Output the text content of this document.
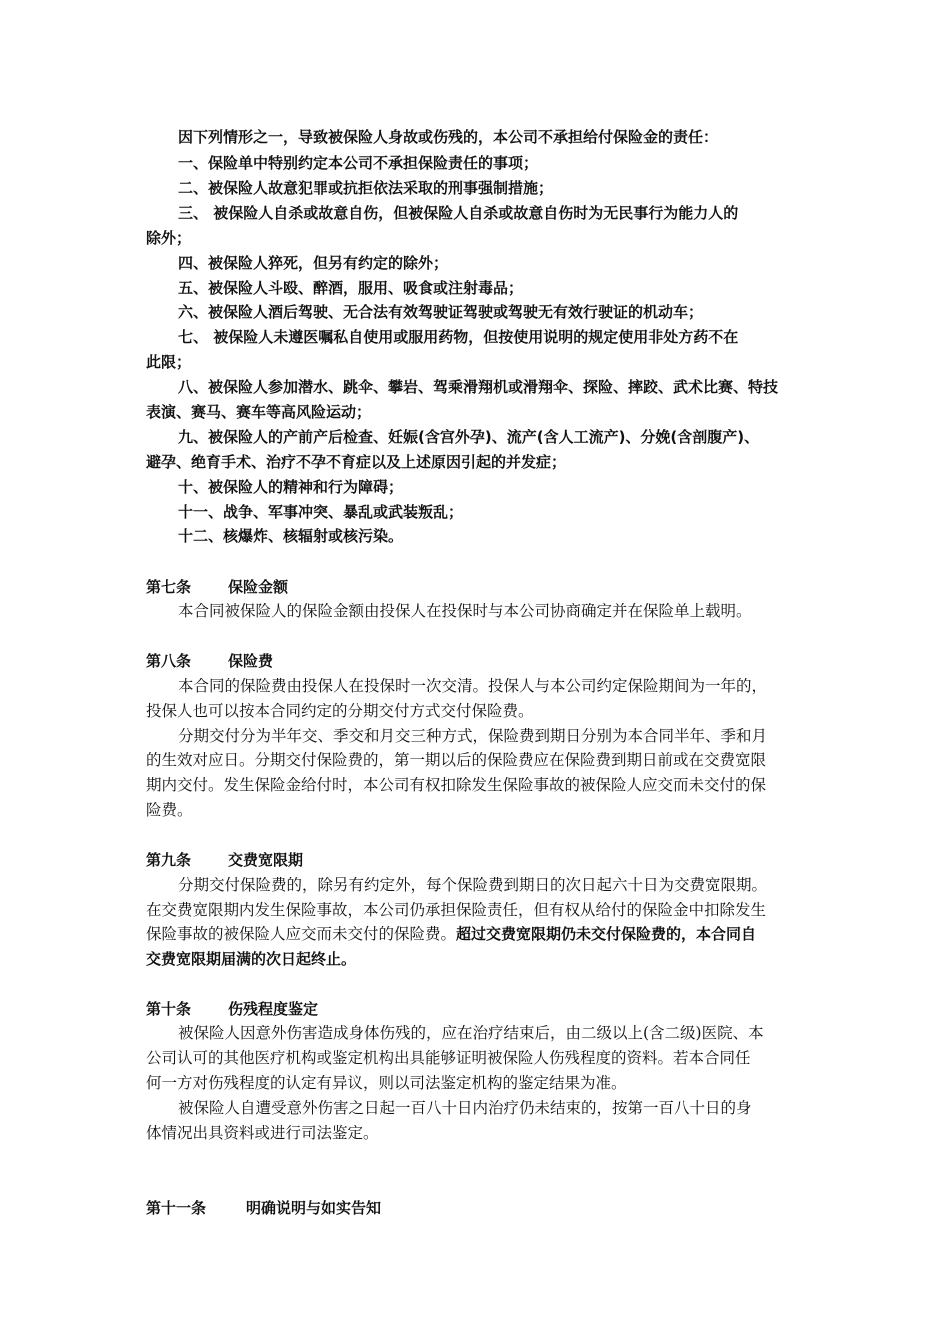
因下列情形之一，导致被保险人身故或伤残的，本公司不承担给付保险金的责任：
一、保险单中特别约定本公司不承担保险责任的事项；
二、被保险人故意犯罪或抗拒依法采取的刑事强制措施；
三、 被保险人自杀或故意自伤，但被保险人自杀或故意自伤时为无民事行为能力人的
除外；
四、被保险人猝死，但另有约定的除外；
五、被保险人斗殴、醉酒，服用、吸食或注射毒品；
六、被保险人酒后驾驶、无合法有效驾驶证驾驶或驾驶无有效行驶证的机动车；
七、 被保险人未遵医嘱私自使用或服用药物，但按使用说明的规定使用非处方药不在
此限；
八、被保险人参加潜水、跳伞、攀岩、驾乘滑翔机或滑翔伞、探险、摔跤、武术比赛、特技
表演、赛马、赛车等高风险运动；
九、被保险人的产前产后检查、妊娠(含宫外孕)、流产(含人工流产)、分娩(含剖腹产)、
避孕、绝育手术、治疗不孕不育症以及上述原因引起的并发症；
十、被保险人的精神和行为障碍；
十一、战争、军事冲突、暴乱或武装叛乱；
十二、核爆炸、核辐射或核污染。
第七条 保险金额
本合同被保险人的保险金额由投保人在投保时与本公司协商确定并在保险单上载明。
第八条 保险费
本合同的保险费由投保人在投保时一次交清。投保人与本公司约定保险期间为一年的，
投保人也可以按本合同约定的分期交付方式交付保险费。
分期交付分为半年交、季交和月交三种方式，保险费到期日分别为本合同半年、季和月
的生效对应日。分期交付保险费的，第一期以后的保险费应在保险费到期日前或在交费宽限
期内交付。发生保险金给付时，本公司有权扣除发生保险事故的被保险人应交而未交付的保
险费。
第九条 交费宽限期
分期交付保险费的，除另有约定外，每个保险费到期日的次日起六十日为交费宽限期。
在交费宽限期内发生保险事故，本公司仍承担保险责任，但有权从给付的保险金中扣除发生
保险事故的被保险人应交而未交付的保险费。超过交费宽限期仍未交付保险费的，本合同自
交费宽限期届满的次日起终止。
第十条 伤残程度鉴定
被保险人因意外伤害造成身体伤残的，应在治疗结束后，由二级以上(含二级)医院、本
公司认可的其他医疗机构或鉴定机构出具能够证明被保险人伤残程度的资料。若本合同任
何一方对伤残程度的认定有异议，则以司法鉴定机构的鉴定结果为准。
被保险人自遭受意外伤害之日起一百八十日内治疗仍未结束的，按第一百八十日的身
体情况出具资料或进行司法鉴定。
第十一条	明确说明与如实告知
